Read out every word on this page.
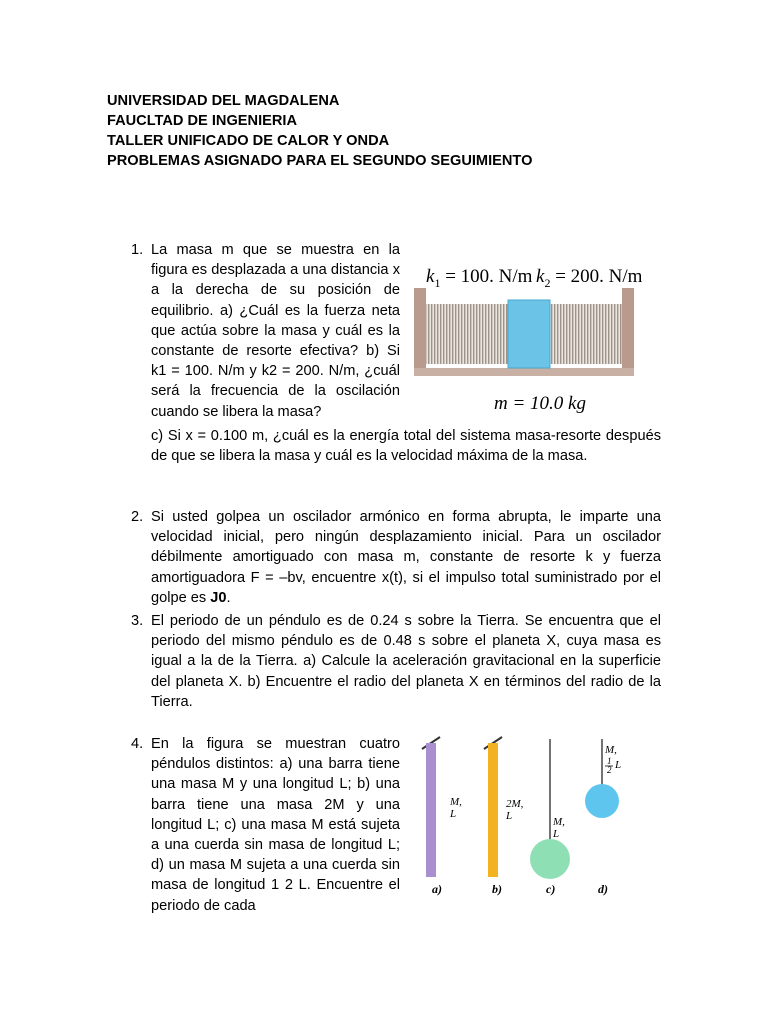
UNIVERSIDAD DEL MAGDALENA
FAUCLTAD DE INGENIERIA
TALLER UNIFICADO DE CALOR Y ONDA
PROBLEMAS ASIGNADO PARA EL SEGUNDO SEGUIMIENTO
1. La masa m que se muestra en la figura es desplazada a una distancia x a la derecha de su posición de equilibrio. a) ¿Cuál es la fuerza neta que actúa sobre la masa y cuál es la constante de resorte efectiva? b) Si k1 = 100. N/m y k2 = 200. N/m, ¿cuál será la frecuencia de la oscilación cuando se libera la masa?
c) Si x = 0.100 m, ¿cuál es la energía total del sistema masa-resorte después de que se libera la masa y cuál es la velocidad máxima de la masa.
$k_1 = 100$. N/m $k_2 = 200$. N/m
m = 10.0 kg
2. Si usted golpea un oscilador armónico en forma abrupta, le imparte una velocidad inicial, pero ningún desplazamiento inicial. Para un oscilador débilmente amortiguado con masa m, constante de resorte k y fuerza amortiguadora F = –bv, encuentre x(t), si el impulso total suministrado por el golpe es J0.
3. El periodo de un péndulo es de 0.24 s sobre la Tierra. Se encuentra que el periodo del mismo péndulo es de 0.48 s sobre el planeta X, cuya masa es igual a la de la Tierra. a) Calcule la aceleración gravitacional en la superficie del planeta X. b) Encuentre el radio del planeta X en términos del radio de la Tierra.
4. En la figura se muestran cuatro péndulos distintos: a) una barra tiene una masa M y una longitud L; b) una barra tiene una masa 2M y una longitud L; c) una masa M está sujeta a una cuerda sin masa de longitud L; d) un masa M sujeta a una cuerda sin masa de longitud 1 2 L. Encuentre el periodo de cada
M, L
a)
2M, L
b)
M, L
c)
M, 1 2 L
d)
